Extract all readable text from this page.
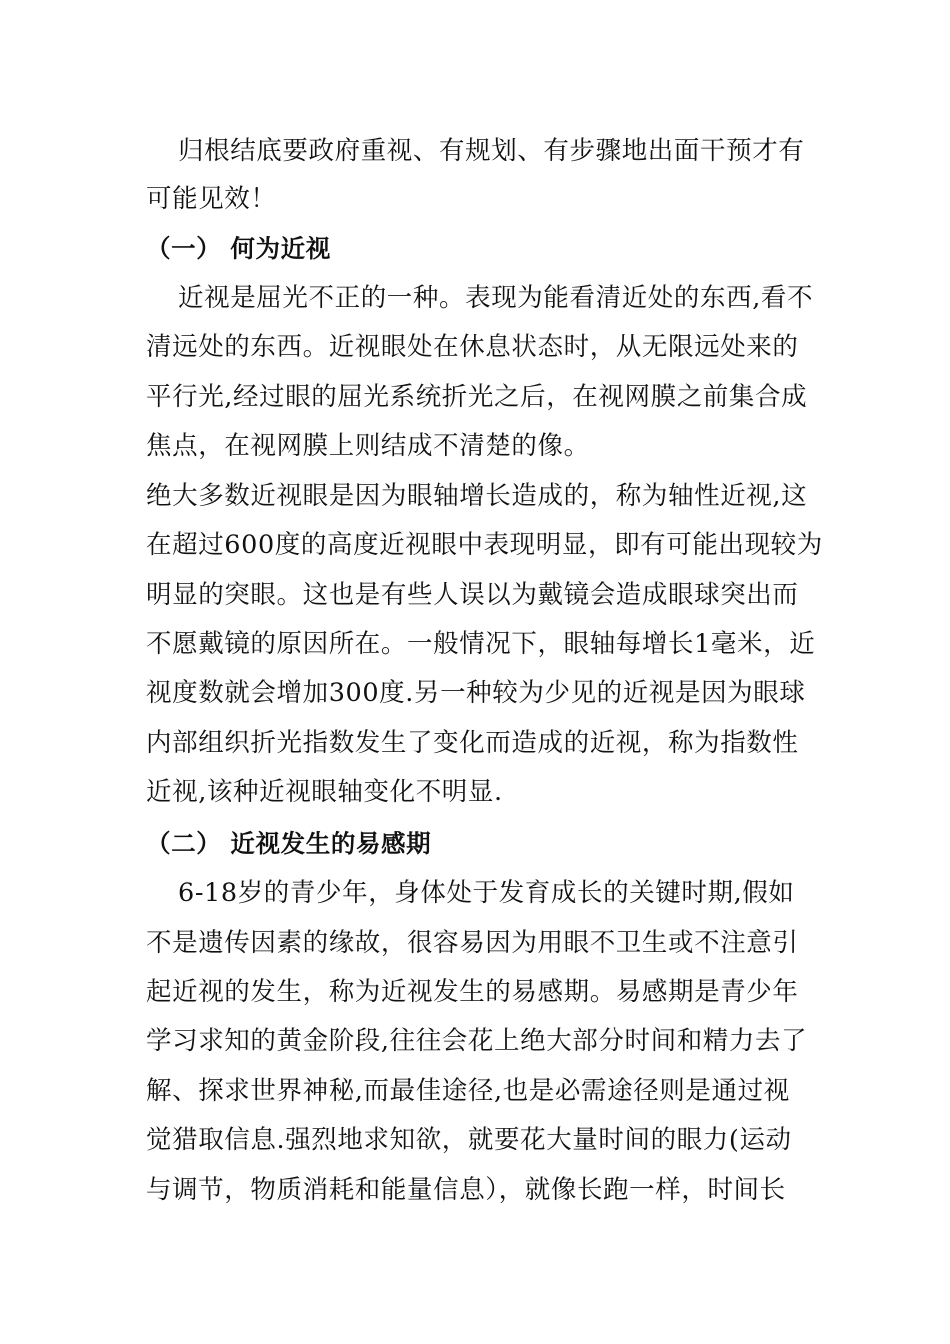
归根结底要政府重视、有规划、有步骤地出面干预才有
可能见效！
（一） 何为近视
近视是屈光不正的一种。表现为能看清近处的东西,看不
清远处的东西。近视眼处在休息状态时，从无限远处来的
平行光,经过眼的屈光系统折光之后，在视网膜之前集合成
焦点，在视网膜上则结成不清楚的像。
绝大多数近视眼是因为眼轴增长造成的，称为轴性近视,这
在超过600度的高度近视眼中表现明显，即有可能出现较为
明显的突眼。这也是有些人误以为戴镜会造成眼球突出而
不愿戴镜的原因所在。一般情况下，眼轴每增长1毫米，近
视度数就会增加300度.另一种较为少见的近视是因为眼球
内部组织折光指数发生了变化而造成的近视，称为指数性
近视,该种近视眼轴变化不明显.
（二） 近视发生的易感期
6-18岁的青少年，身体处于发育成长的关键时期,假如
不是遗传因素的缘故，很容易因为用眼不卫生或不注意引
起近视的发生，称为近视发生的易感期。易感期是青少年
学习求知的黄金阶段,往往会花上绝大部分时间和精力去了
解、探求世界神秘,而最佳途径,也是必需途径则是通过视
觉猎取信息.强烈地求知欲，就要花大量时间的眼力(运动
与调节，物质消耗和能量信息），就像长跑一样，时间长
